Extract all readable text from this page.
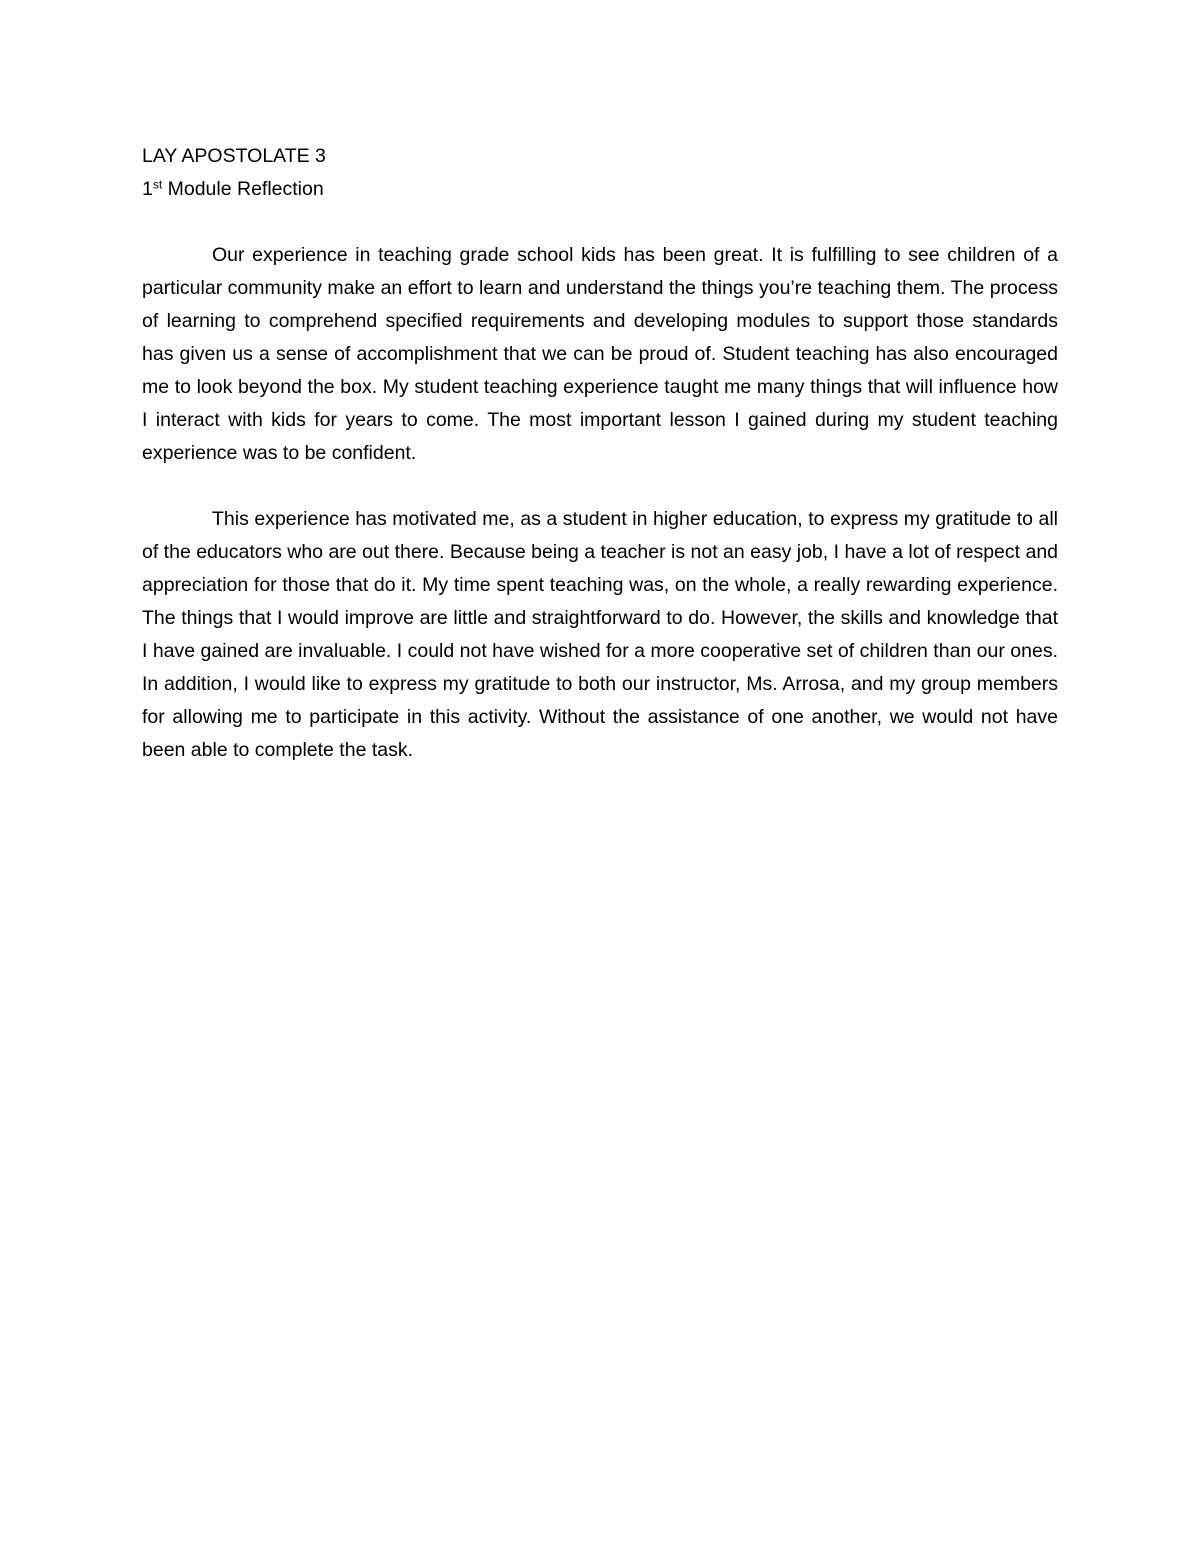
LAY APOSTOLATE 3

1st Module Reflection

Our experience in teaching grade school kids has been great. It is fulfilling to see children of a particular community make an effort to learn and understand the things you’re teaching them. The process of learning to comprehend specified requirements and developing modules to support those standards has given us a sense of accomplishment that we can be proud of. Student teaching has also encouraged me to look beyond the box. My student teaching experience taught me many things that will influence how I interact with kids for years to come. The most important lesson I gained during my student teaching experience was to be confident.

This experience has motivated me, as a student in higher education, to express my gratitude to all of the educators who are out there. Because being a teacher is not an easy job, I have a lot of respect and appreciation for those that do it. My time spent teaching was, on the whole, a really rewarding experience. The things that I would improve are little and straightforward to do. However, the skills and knowledge that I have gained are invaluable. I could not have wished for a more cooperative set of children than our ones. In addition, I would like to express my gratitude to both our instructor, Ms. Arrosa, and my group members for allowing me to participate in this activity. Without the assistance of one another, we would not have been able to complete the task.
